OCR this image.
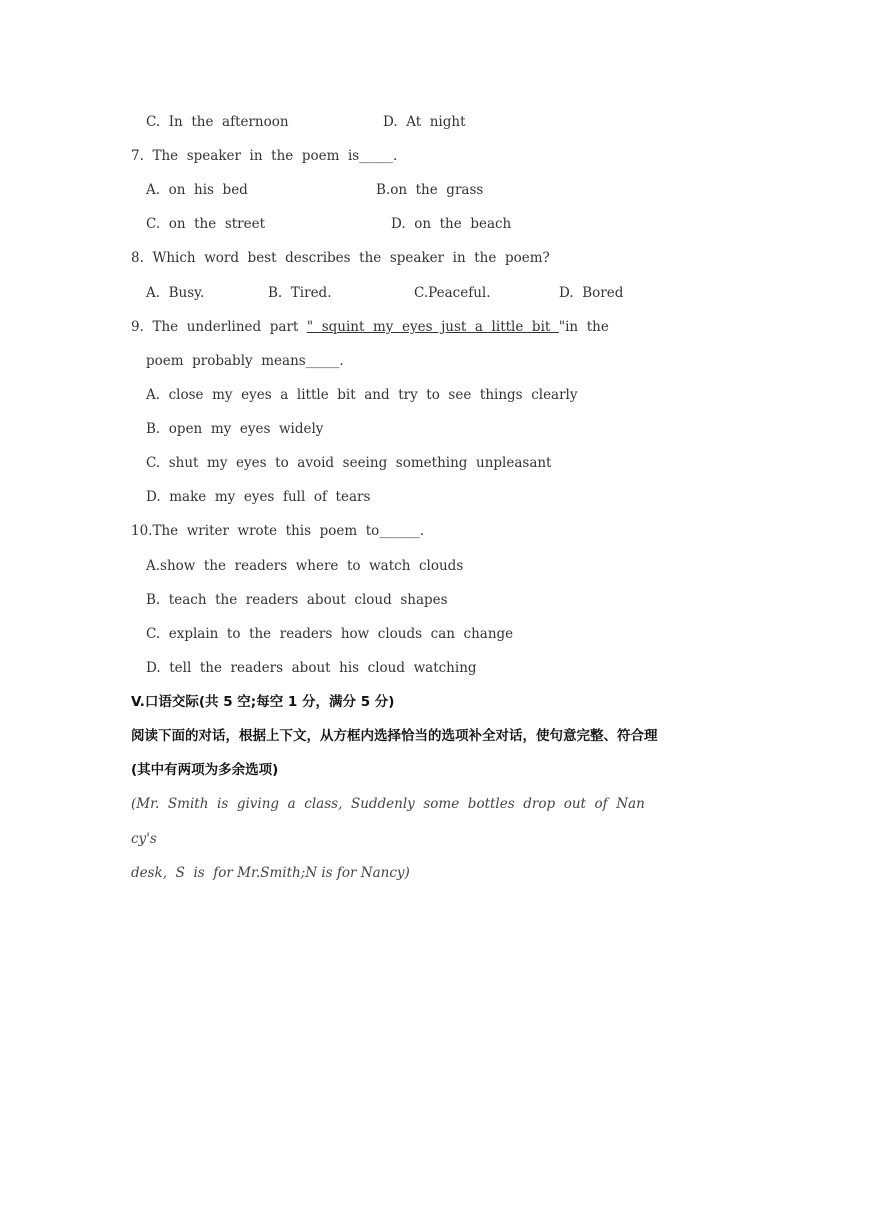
C.  In  the  afternoon	D.  At  night
7.  The  speaker  in  the  poem  is_____.
A.  on  his  bed	B.on  the  grass
C.  on  the  street	D.  on  the  beach
8.  Which  word  best  describes  the  speaker  in  the  poem?
A.  Busy.	B.  Tired.	C.Peaceful.	D.  Bored
9.  The  underlined  part  "  squint  my  eyes  just  a  little  bit  "in  the
poem  probably  means_____.
A.  close  my  eyes  a  little  bit  and  try  to  see  things  clearly
B.  open  my  eyes  widely
C.  shut  my  eyes  to  avoid  seeing  something  unpleasant
D.  make  my  eyes  full  of  tears
10.The  writer  wrote  this  poem  to______.
A.show  the  readers  where  to  watch  clouds
B.  teach  the  readers  about  cloud  shapes
C.  explain  to  the  readers  how  clouds  can  change
D.  tell  the  readers  about  his  cloud  watching
V.口语交际(共 5 空;每空 1 分，满分 5 分)
阅读下面的对话，根据上下文，从方框内选择恰当的选项补全对话，使句意完整、符合理
(其中有两项为多余选项)
(Mr.  Smith  is  giving  a  class,  Suddenly  some  bottles  drop  out  of  Nan
cy's
desk,  S  is  for Mr.Smith;N is for Nancy)
